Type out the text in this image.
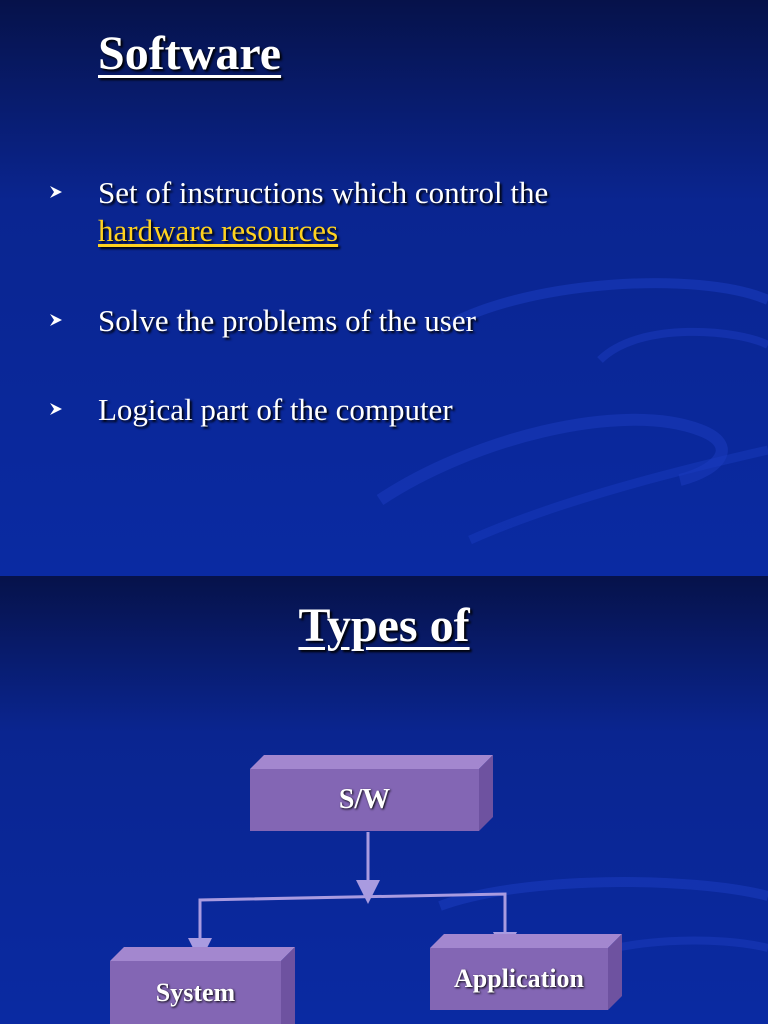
Software
Set of instructions which control the
hardware resources
Solve the problems of the user
Logical part of the computer
Types of
S/W
System	Application
